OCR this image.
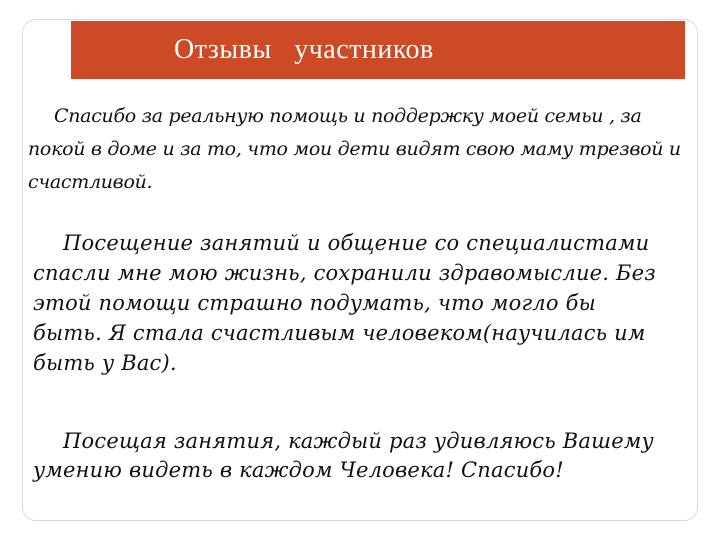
Отзывы   участников

Спасибо за реальную помощь и поддержку моей семьи , за покой в доме и за то, что мои дети видят свою маму трезвой и счастливой.

Посещение занятий и общение со специалистами спасли мне мою жизнь, сохранили здравомыслие. Без этой помощи страшно подумать, что могло бы быть. Я стала счастливым человеком(научилась им быть у Вас).

Посещая занятия, каждый раз удивляюсь Вашему умению видеть в каждом Человека! Спасибо!
